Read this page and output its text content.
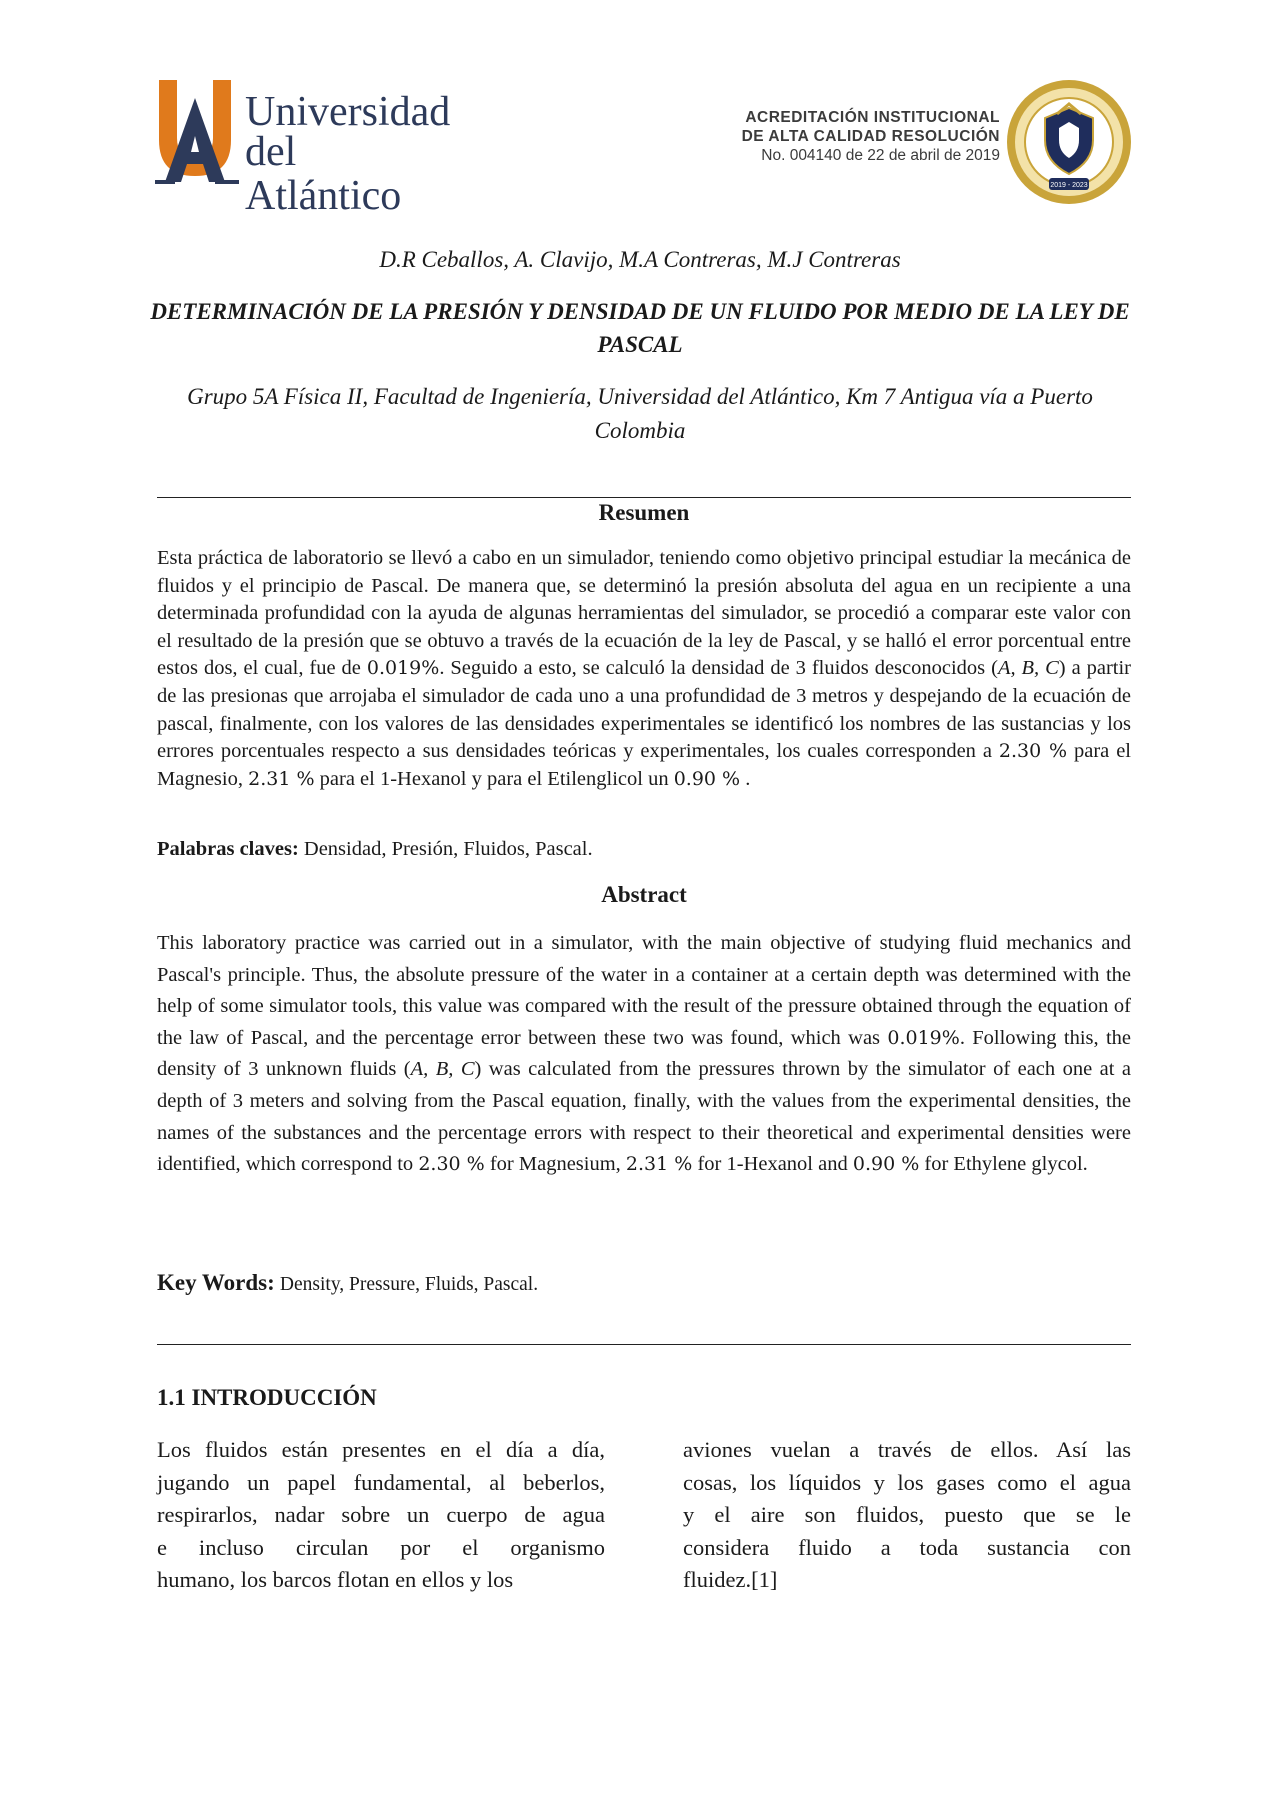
Universidad
del Atlántico
ACREDITACIÓN INSTITUCIONAL
DE ALTA CALIDAD RESOLUCIÓN
No. 004140 de 22 de abril de 2019
2019 - 2023
D.R Ceballos, A. Clavijo, M.A Contreras, M.J Contreras
DETERMINACIÓN DE LA PRESIÓN Y DENSIDAD DE UN FLUIDO POR MEDIO DE LA LEY DE PASCAL
Grupo 5A Física II, Facultad de Ingeniería, Universidad del Atlántico, Km 7 Antigua vía a Puerto Colombia
Resumen
Esta práctica de laboratorio se llevó a cabo en un simulador, teniendo como objetivo principal estudiar la mecánica de fluidos y el principio de Pascal. De manera que, se determinó la presión absoluta del agua en un recipiente a una determinada profundidad con la ayuda de algunas herramientas del simulador, se procedió a comparar este valor con el resultado de la presión que se obtuvo a través de la ecuación de la ley de Pascal, y se halló el error porcentual entre estos dos, el cual, fue de 0.019%. Seguido a esto, se calculó la densidad de 3 fluidos desconocidos (A, B, C) a partir de las presionas que arrojaba el simulador de cada uno a una profundidad de 3 metros y despejando de la ecuación de pascal, finalmente, con los valores de las densidades experimentales se identificó los nombres de las sustancias y los errores porcentuales respecto a sus densidades teóricas y experimentales, los cuales corresponden a 2.30 % para el Magnesio, 2.31 % para el 1-Hexanol y para el Etilenglicol un 0.90 % .
Palabras claves: Densidad, Presión, Fluidos, Pascal.
Abstract
This laboratory practice was carried out in a simulator, with the main objective of studying fluid mechanics and Pascal's principle. Thus, the absolute pressure of the water in a container at a certain depth was determined with the help of some simulator tools, this value was compared with the result of the pressure obtained through the equation of the law of Pascal, and the percentage error between these two was found, which was 0.019%. Following this, the density of 3 unknown fluids (A, B, C) was calculated from the pressures thrown by the simulator of each one at a depth of 3 meters and solving from the Pascal equation, finally, with the values from the experimental densities, the names of the substances and the percentage errors with respect to their theoretical and experimental densities were identified, which correspond to 2.30 % for Magnesium, 2.31 % for 1-Hexanol and 0.90 % for Ethylene glycol.
Key Words: Density, Pressure, Fluids, Pascal.
1.1 INTRODUCCIÓN
Los fluidos están presentes en el día a día,
jugando un papel fundamental, al beberlos,
respirarlos, nadar sobre un cuerpo de agua
e incluso circulan por el organismo
humano, los barcos flotan en ellos y los
aviones vuelan a través de ellos. Así las
cosas, los líquidos y los gases como el agua
y el aire son fluidos, puesto que se le
considera fluido a toda sustancia con
fluidez.[1]
